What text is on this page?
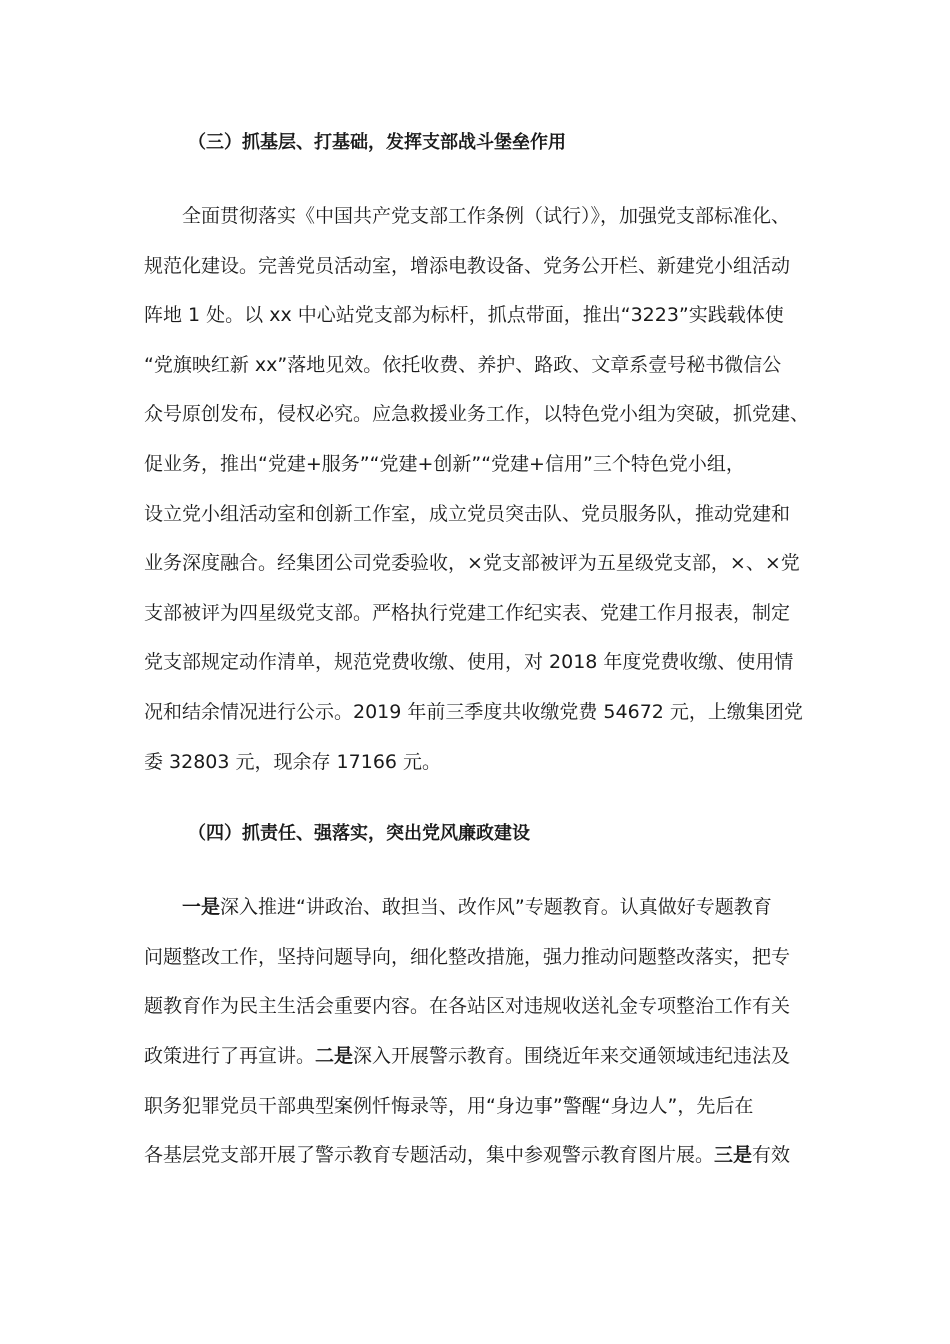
（三）抓基层、打基础，发挥支部战斗堡垒作用

全面贯彻落实《中国共产党支部工作条例（试行）》，加强党支部标准化、
规范化建设。完善党员活动室，增添电教设备、党务公开栏、新建党小组活动
阵地 1 处。以 xx 中心站党支部为标杆，抓点带面，推出“3223”实践载体使
“党旗映红新 xx”落地见效。依托收费、养护、路政、文章系壹号秘书微信公
众号原创发布，侵权必究。应急救援业务工作，以特色党小组为突破，抓党建、
促业务，推出“党建+服务”“党建+创新”“党建+信用”三个特色党小组，
设立党小组活动室和创新工作室，成立党员突击队、党员服务队，推动党建和
业务深度融合。经集团公司党委验收，×党支部被评为五星级党支部，×、×党
支部被评为四星级党支部。严格执行党建工作纪实表、党建工作月报表，制定
党支部规定动作清单，规范党费收缴、使用，对 2018 年度党费收缴、使用情
况和结余情况进行公示。2019 年前三季度共收缴党费 54672 元，上缴集团党
委 32803 元，现余存 17166 元。

（四）抓责任、强落实，突出党风廉政建设

一是深入推进“讲政治、敢担当、改作风”专题教育。认真做好专题教育
问题整改工作，坚持问题导向，细化整改措施，强力推动问题整改落实，把专
题教育作为民主生活会重要内容。在各站区对违规收送礼金专项整治工作有关
政策进行了再宣讲。二是深入开展警示教育。围绕近年来交通领域违纪违法及
职务犯罪党员干部典型案例忏悔录等，用“身边事”警醒“身边人”，先后在
各基层党支部开展了警示教育专题活动，集中参观警示教育图片展。三是有效
